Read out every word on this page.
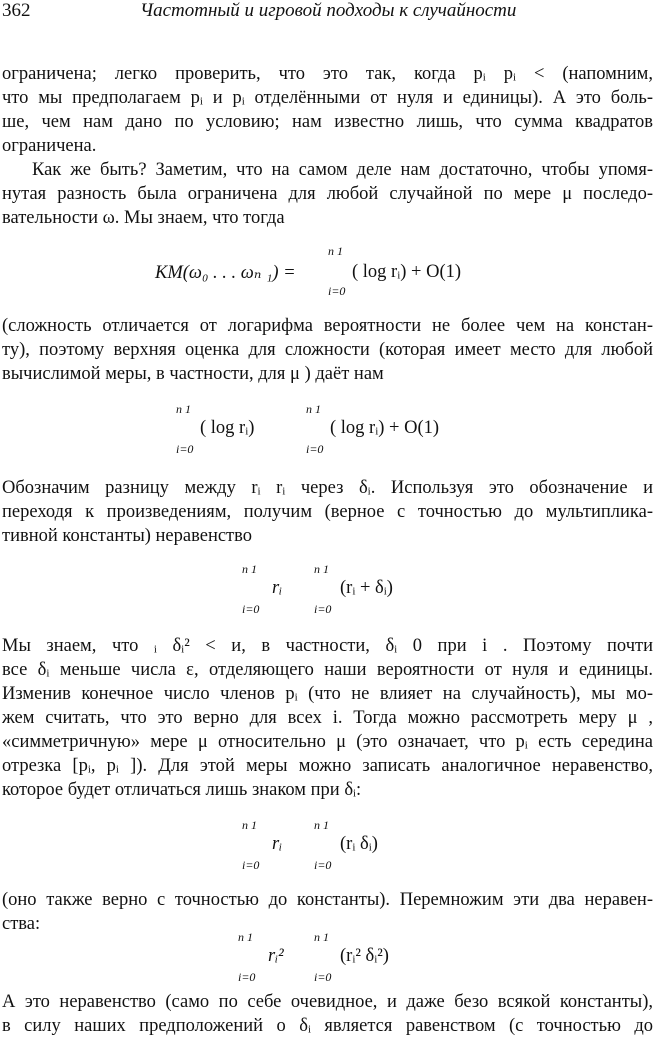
362	Частотный и игровой подходы к случайности
ограничена; легко проверить, что это так, когда pᵢ pᵢ < (напомним,
что мы предполагаем pᵢ и pᵢ отделёнными от нуля и единицы). А это боль-
ше, чем нам дано по условию; нам известно лишь, что сумма квадратов
ограничена.
Как же быть? Заметим, что на самом деле нам достаточно, чтобы упомя-
нутая разность была ограничена для любой случайной по мере μ последо-
вательности ω. Мы знаем, что тогда
KM(ω₀ . . . ωₙ ₁) =
n 1
i=0
( log rᵢ) + O(1)
(сложность отличается от логарифма вероятности не более чем на констан-
ту), поэтому верхняя оценка для сложности (которая имеет место для любой
вычислимой меры, в частности, для μ ) даёт нам
n 1
i=0
( log rᵢ)
n 1
i=0
( log rᵢ) + O(1)
Обозначим разницу между rᵢ rᵢ через δᵢ. Используя это обозначение и
переходя к произведениям, получим (верное с точностью до мультиплика-
тивной константы) неравенство
n 1
i=0
rᵢ
n 1
i=0
(rᵢ + δᵢ)
Мы знаем, что ᵢ δᵢ² < и, в частности, δᵢ 0 при i . Поэтому почти
все δᵢ меньше числа ε, отделяющего наши вероятности от нуля и единицы.
Изменив конечное число членов pᵢ (что не влияет на случайность), мы мо-
жем считать, что это верно для всех i. Тогда можно рассмотреть меру μ ,
«симметричную» мере μ относительно μ (это означает, что pᵢ есть середина
отрезка [pᵢ, pᵢ ]). Для этой меры можно записать аналогичное неравенство,
которое будет отличаться лишь знаком при δᵢ:
n 1
i=0
rᵢ
n 1
i=0
(rᵢ δᵢ)
(оно также верно с точностью до константы). Перемножим эти два неравен-
ства:
n 1
i=0
rᵢ²
n 1
i=0
(rᵢ² δᵢ²)
А это неравенство (само по себе очевидное, и даже безо всякой константы),
в силу наших предположений о δᵢ является равенством (с точностью до
